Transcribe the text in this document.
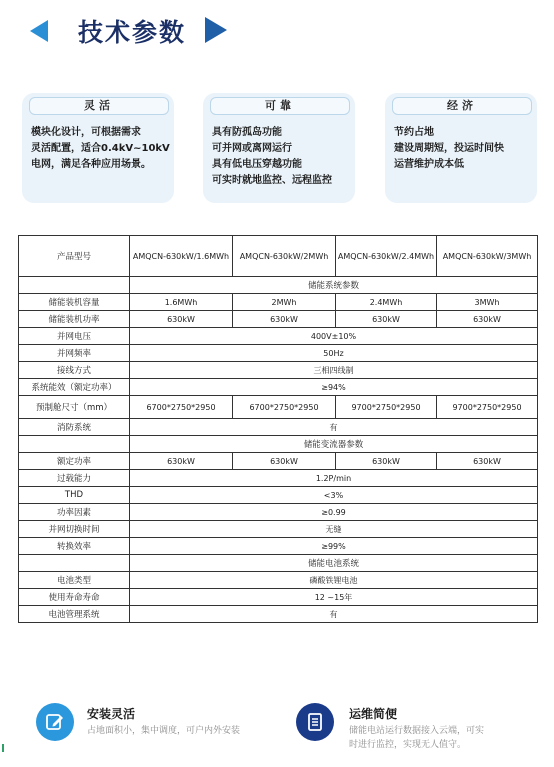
技术参数
灵活
模块化设计，可根据需求
灵活配置，适合0.4kV~10kV
电网，满足各种应用场景。
可靠
具有防孤岛功能
可并网或离网运行
具有低电压穿越功能
可实时就地监控、远程监控
经济
节约占地
建设周期短，投运时间快
运营维护成本低
产品型号	AMQCN-630kW/1.6MWh	AMQCN-630kW/2MWh	AMQCN-630kW/2.4MWh	AMQCN-630kW/3MWh
	储能系统参数			
储能装机容量	1.6MWh	2MWh	2.4MWh	3MWh
储能装机功率	630kW	630kW	630kW	630kW
并网电压	400V±10%			
并网频率	50Hz			
接线方式	三相四线制			
系统能效（额定功率）	≥94%			
预制舱尺寸（mm）	6700*2750*2950	6700*2750*2950	9700*2750*2950	9700*2750*2950
消防系统	有			
	储能变流器参数			
额定功率	630kW	630kW	630kW	630kW
过载能力	1.2P/min			
THD	<3%			
功率因素	≥0.99			
并网切换时间	无缝			
转换效率	≥99%			
	储能电池系统			
电池类型	磷酸铁锂电池			
使用寿命寿命	12 ~15年			
电池管理系统	有			
安装灵活
占地面积小，集中调度，可户内外安装
运维简便
储能电站运行数据接入云端，可实
时进行监控，实现无人值守。
